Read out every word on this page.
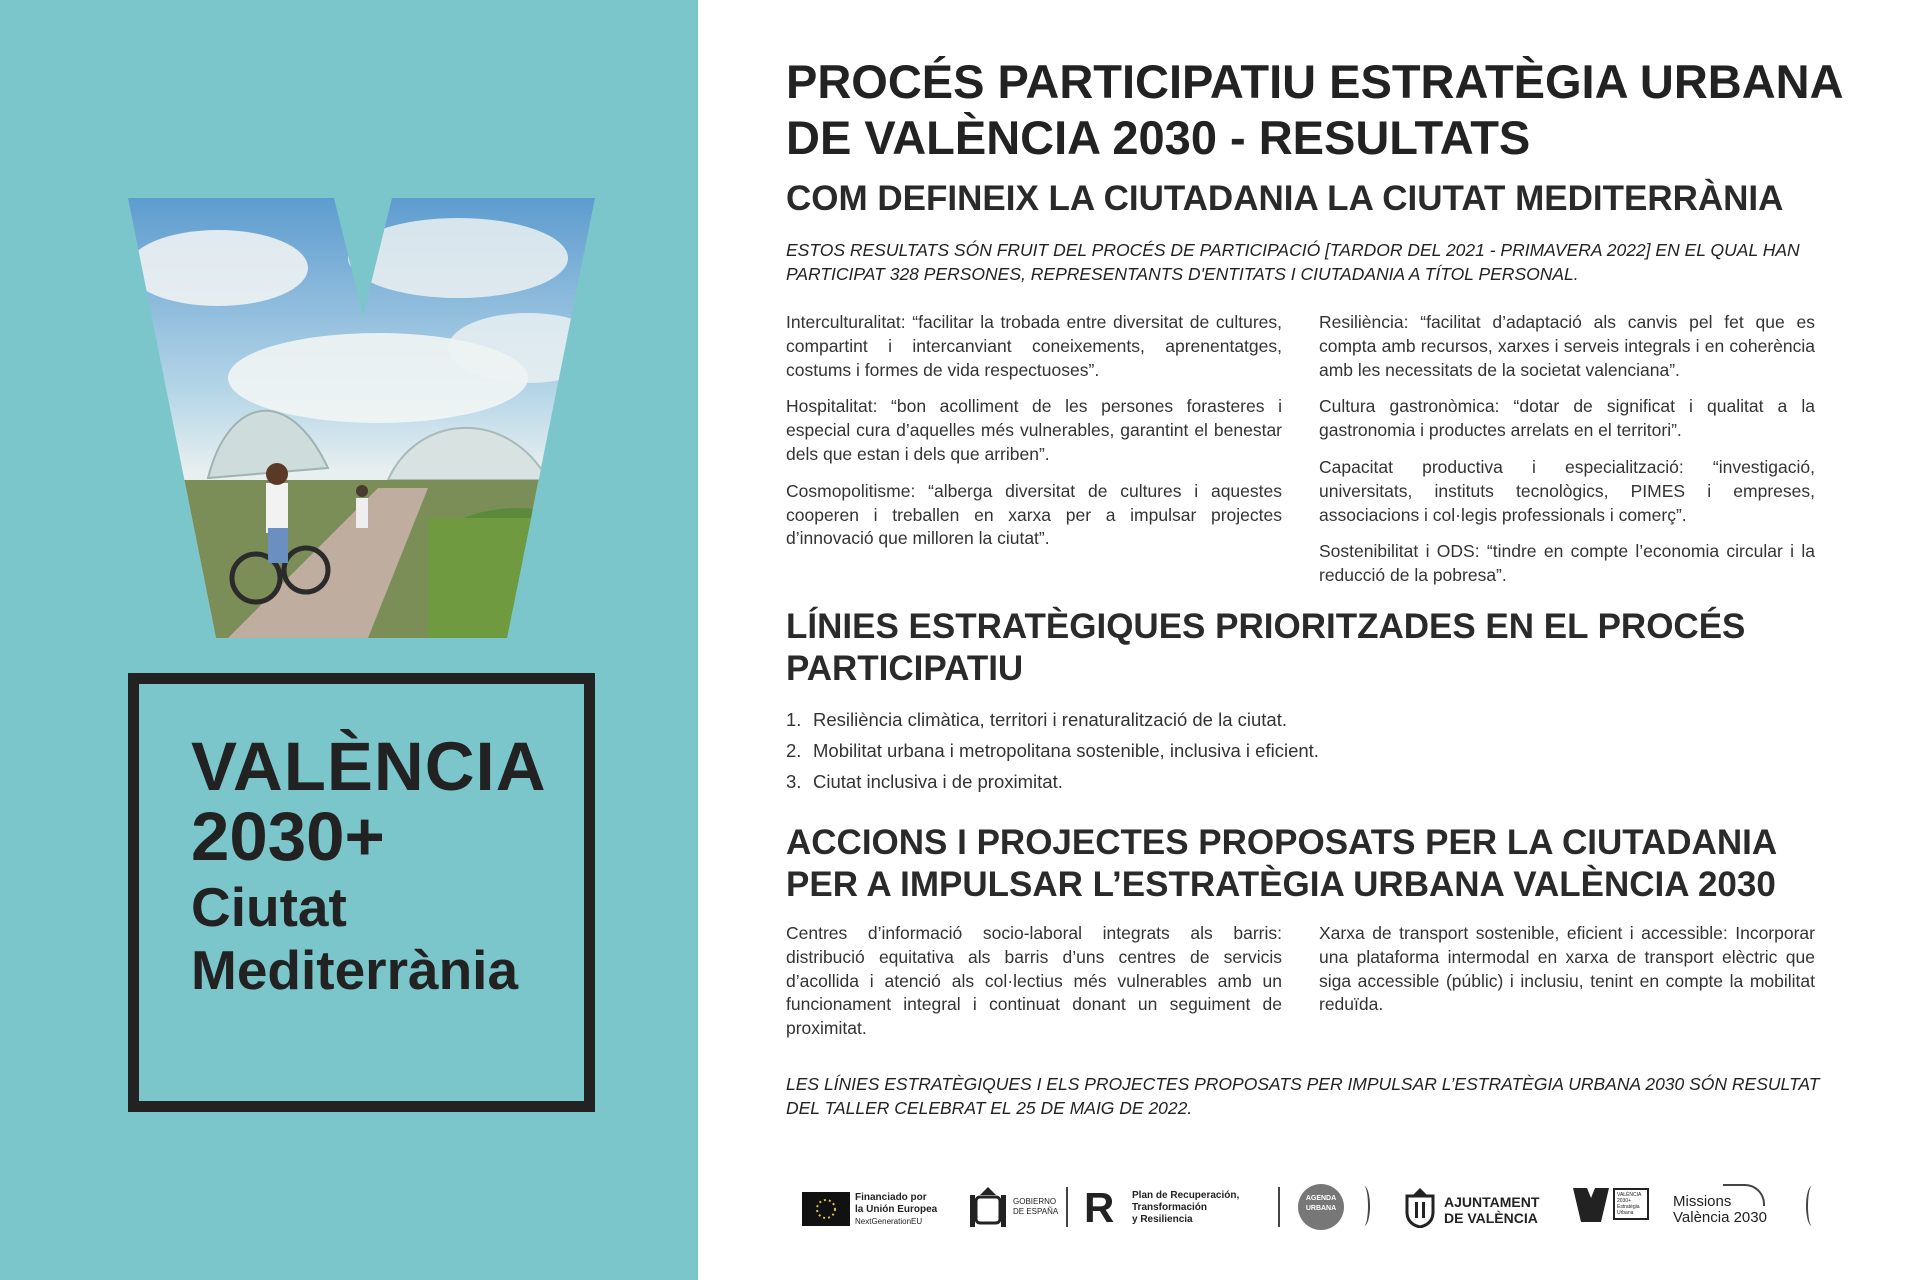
VALÈNCIA
2030+
Ciutat
Mediterrània
PROCÉS PARTICIPATIU ESTRATÈGIA URBANA DE VALÈNCIA 2030 - RESULTATS
COM DEFINEIX LA CIUTADANIA LA CIUTAT MEDITERRÀNIA
ESTOS RESULTATS SÓN FRUIT DEL PROCÉS DE PARTICIPACIÓ [TARDOR DEL 2021 - PRIMAVERA 2022] EN EL QUAL HAN PARTICIPAT 328 PERSONES, REPRESENTANTS D'ENTITATS I CIUTADANIA A TÍTOL PERSONAL.

Interculturalitat: “facilitar la trobada entre diversitat de cultures, compartint i intercanviant coneixements, aprenentatges, costums i formes de vida respectuoses”.

Hospitalitat: “bon acolliment de les persones forasteres i especial cura d’aquelles més vulnerables, garantint el benestar dels que estan i dels que arriben”.

Cosmopolitisme: “alberga diversitat de cultures i aquestes cooperen i treballen en xarxa per a impulsar projectes d’innovació que milloren la ciutat”.

Resiliència: “facilitat d’adaptació als canvis pel fet que es compta amb recursos, xarxes i serveis integrals i en coherència amb les necessitats de la societat valenciana”.

Cultura gastronòmica: “dotar de significat i qualitat a la gastronomia i productes arrelats en el territori”.

Capacitat productiva i especialització: “investigació, universitats, instituts tecnològics, PIMES i empreses, associacions i col·legis professionals i comerç”.

Sostenibilitat i ODS: “tindre en compte l’economia circular i la reducció de la pobresa”.

LÍNIES ESTRATÈGIQUES PRIORITZADES EN EL PROCÉS PARTICIPATIU
1. Resiliència climàtica, territori i renaturalització de la ciutat.
2. Mobilitat urbana i metropolitana sostenible, inclusiva i eficient.
3. Ciutat inclusiva i de proximitat.
ACCIONS I PROJECTES PROPOSATS PER LA CIUTADANIA PER A IMPULSAR L’ESTRATÈGIA URBANA VALÈNCIA 2030
Centres d’informació socio-laboral integrats als barris: distribució equitativa als barris d’uns centres de servicis d’acollida i atenció als col·lectius més vulnerables amb un funcionament integral i continuat donant un seguiment de proximitat.
Xarxa de transport sostenible, eficient i accessible: Incorporar una plataforma intermodal en xarxa de transport elèctric que siga accessible (públic) i inclusiu, tenint en compte la mobilitat reduïda.
LES LÍNIES ESTRATÈGIQUES I ELS PROJECTES PROPOSATS PER IMPULSAR L’ESTRATÈGIA URBANA 2030 SÓN RESULTAT DEL TALLER CELEBRAT EL 25 DE MAIG DE 2022.
Financiado por
la Unión Europea
NextGenerationEU
GOBIERNO
DE ESPAÑA R Plan de Recuperación,
Transformación
y Resiliencia
AGENDA
URBANA	AJUNTAMENT
DE VALÈNCIA
VALÈNCIA
2030+
Estratègia
Urbana
Missions
València 2030
